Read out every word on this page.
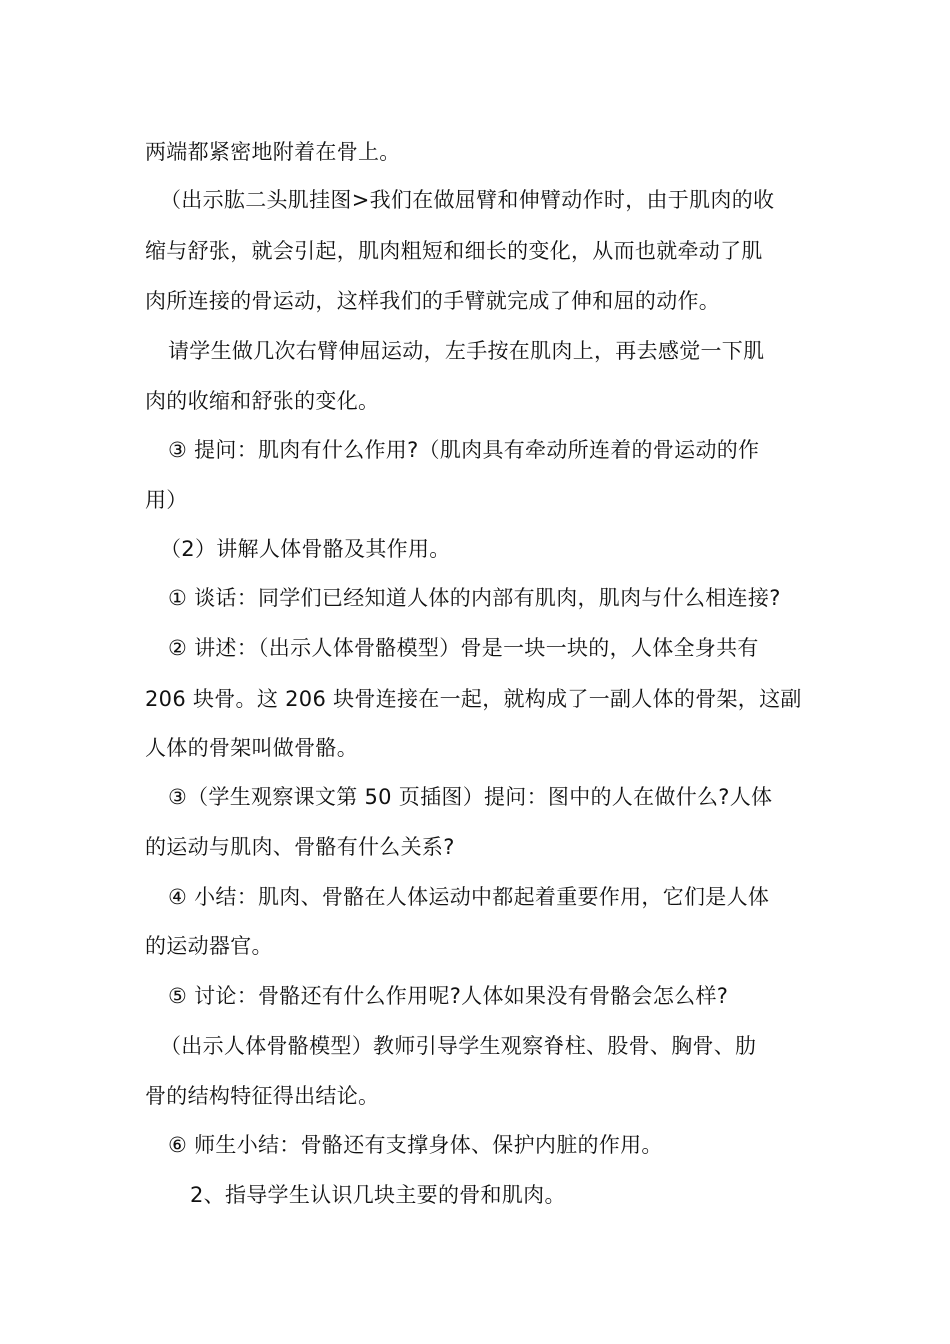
两端都紧密地附着在骨上。
（出示肱二头肌挂图>我们在做屈臂和伸臂动作时，由于肌肉的收
缩与舒张，就会引起，肌肉粗短和细长的变化，从而也就牵动了肌
肉所连接的骨运动，这样我们的手臂就完成了伸和屈的动作。
请学生做几次右臂伸屈运动，左手按在肌肉上，再去感觉一下肌
肉的收缩和舒张的变化。
③ 提问：肌肉有什么作用?（肌肉具有牵动所连着的骨运动的作
用）
（2）讲解人体骨骼及其作用。
① 谈话：同学们已经知道人体的内部有肌肉，肌肉与什么相连接?
② 讲述：（出示人体骨骼模型）骨是一块一块的，人体全身共有
206 块骨。这 206 块骨连接在一起，就构成了一副人体的骨架，这副
人体的骨架叫做骨骼。
③（学生观察课文第 50 页插图）提问：图中的人在做什么?人体
的运动与肌肉、骨骼有什么关系?
④ 小结：肌肉、骨骼在人体运动中都起着重要作用，它们是人体
的运动器官。
⑤ 讨论：骨骼还有什么作用呢?人体如果没有骨骼会怎么样?
（出示人体骨骼模型）教师引导学生观察脊柱、股骨、胸骨、肋
骨的结构特征得出结论。
⑥ 师生小结：骨骼还有支撑身体、保护内脏的作用。
2、指导学生认识几块主要的骨和肌肉。
